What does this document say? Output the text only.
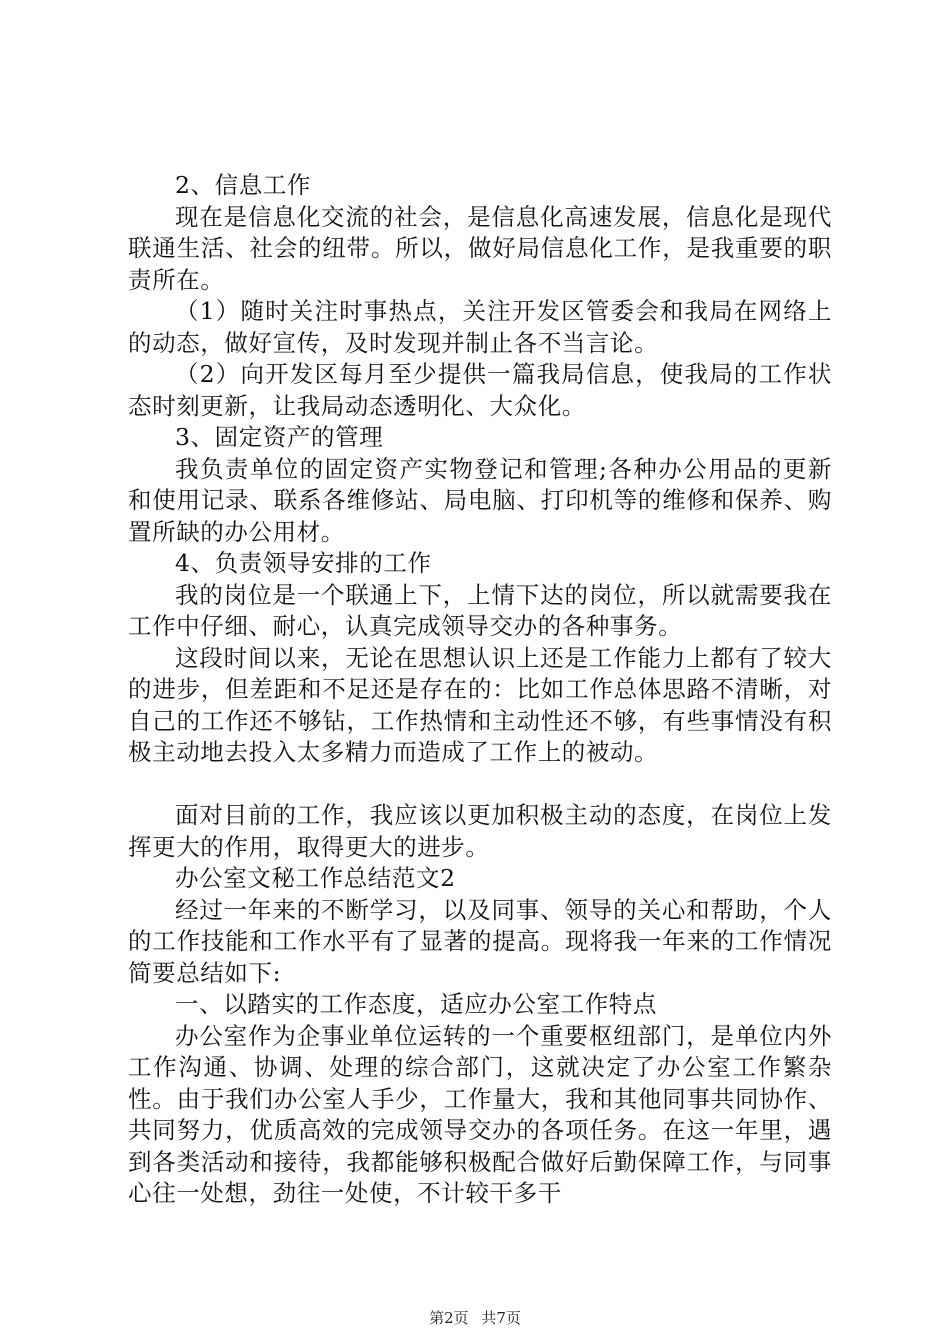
2、信息工作

现在是信息化交流的社会，是信息化高速发展，信息化是现代联通生活、社会的纽带。所以，做好局信息化工作，是我重要的职责所在。

（1）随时关注时事热点，关注开发区管委会和我局在网络上的动态，做好宣传，及时发现并制止各不当言论。

（2）向开发区每月至少提供一篇我局信息，使我局的工作状态时刻更新，让我局动态透明化、大众化。

3、固定资产的管理

我负责单位的固定资产实物登记和管理;各种办公用品的更新和使用记录、联系各维修站、局电脑、打印机等的维修和保养、购置所缺的办公用材。

4、负责领导安排的工作

我的岗位是一个联通上下，上情下达的岗位，所以就需要我在工作中仔细、耐心，认真完成领导交办的各种事务。

这段时间以来，无论在思想认识上还是工作能力上都有了较大的进步，但差距和不足还是存在的：比如工作总体思路不清晰，对自己的工作还不够钻，工作热情和主动性还不够，有些事情没有积极主动地去投入太多精力而造成了工作上的被动。

面对目前的工作，我应该以更加积极主动的态度，在岗位上发挥更大的作用，取得更大的进步。

办公室文秘工作总结范文2

经过一年来的不断学习，以及同事、领导的关心和帮助，个人的工作技能和工作水平有了显著的提高。现将我一年来的工作情况简要总结如下:

一、以踏实的工作态度，适应办公室工作特点

办公室作为企事业单位运转的一个重要枢纽部门，是单位内外工作沟通、协调、处理的综合部门，这就决定了办公室工作繁杂性。由于我们办公室人手少，工作量大，我和其他同事共同协作、共同努力，优质高效的完成领导交办的各项任务。在这一年里，遇到各类活动和接待，我都能够积极配合做好后勤保障工作，与同事心往一处想，劲往一处使，不计较干多干

第2页 共7页
